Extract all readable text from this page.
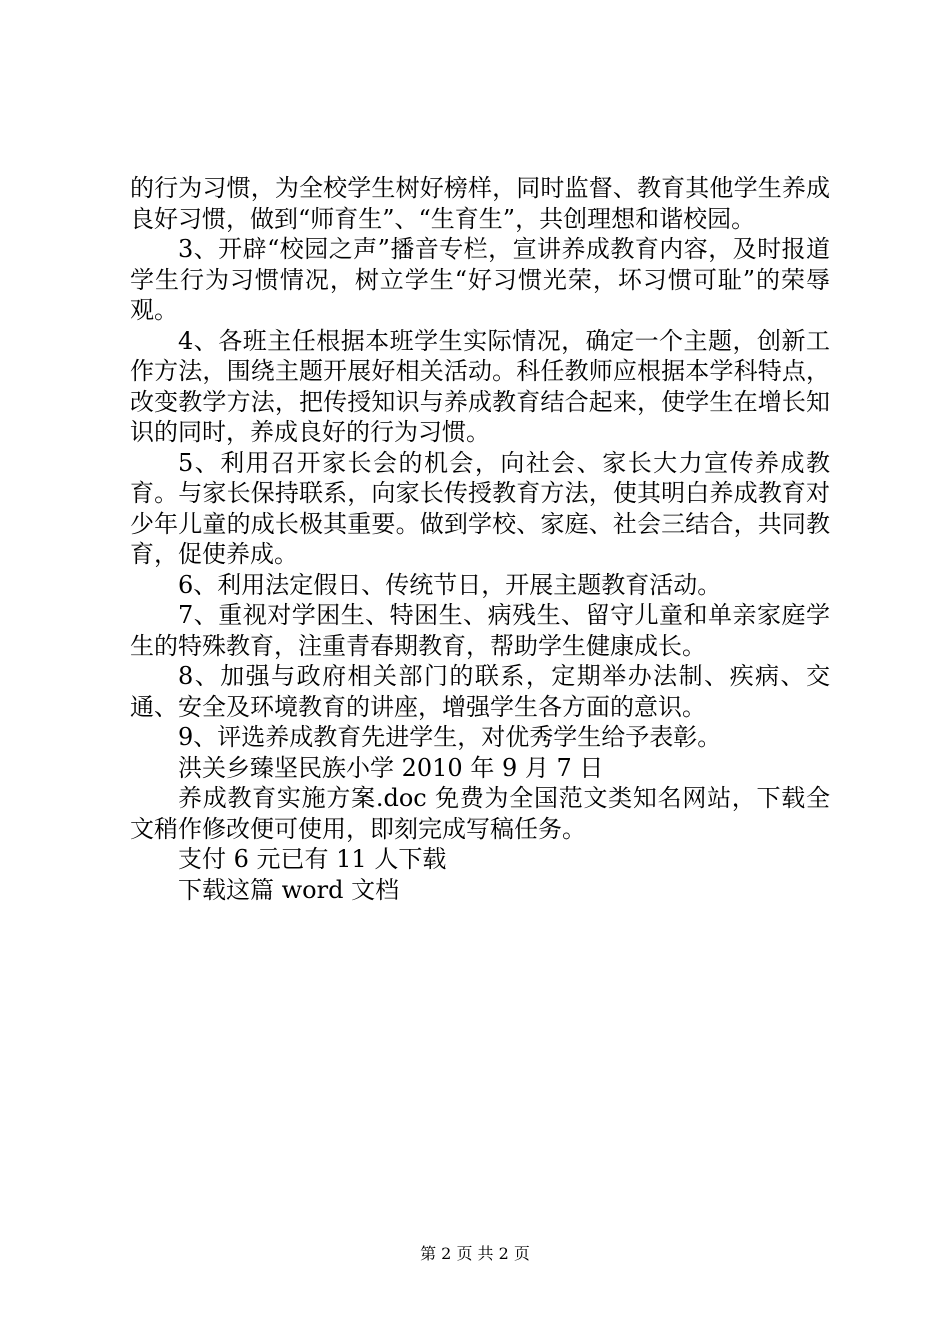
的行为习惯，为全校学生树好榜样，同时监督、教育其他学生养成良好习惯，做到“师育生”、“生育生”，共创理想和谐校园。

3、开辟“校园之声”播音专栏，宣讲养成教育内容，及时报道学生行为习惯情况，树立学生“好习惯光荣，坏习惯可耻”的荣辱观。

4、各班主任根据本班学生实际情况，确定一个主题，创新工作方法，围绕主题开展好相关活动。科任教师应根据本学科特点，改变教学方法，把传授知识与养成教育结合起来，使学生在增长知识的同时，养成良好的行为习惯。

5、利用召开家长会的机会，向社会、家长大力宣传养成教育。与家长保持联系，向家长传授教育方法，使其明白养成教育对少年儿童的成长极其重要。做到学校、家庭、社会三结合，共同教育，促使养成。

6、利用法定假日、传统节日，开展主题教育活动。

7、重视对学困生、特困生、病残生、留守儿童和单亲家庭学生的特殊教育，注重青春期教育，帮助学生健康成长。

8、加强与政府相关部门的联系，定期举办法制、疾病、交通、安全及环境教育的讲座，增强学生各方面的意识。

9、评选养成教育先进学生，对优秀学生给予表彰。

洪关乡臻坚民族小学 2010 年 9 月 7 日

养成教育实施方案.doc 免费为全国范文类知名网站，下载全文稍作修改便可使用，即刻完成写稿任务。

支付 6 元已有 11 人下载

下载这篇 word 文档

第 2 页 共 2 页
